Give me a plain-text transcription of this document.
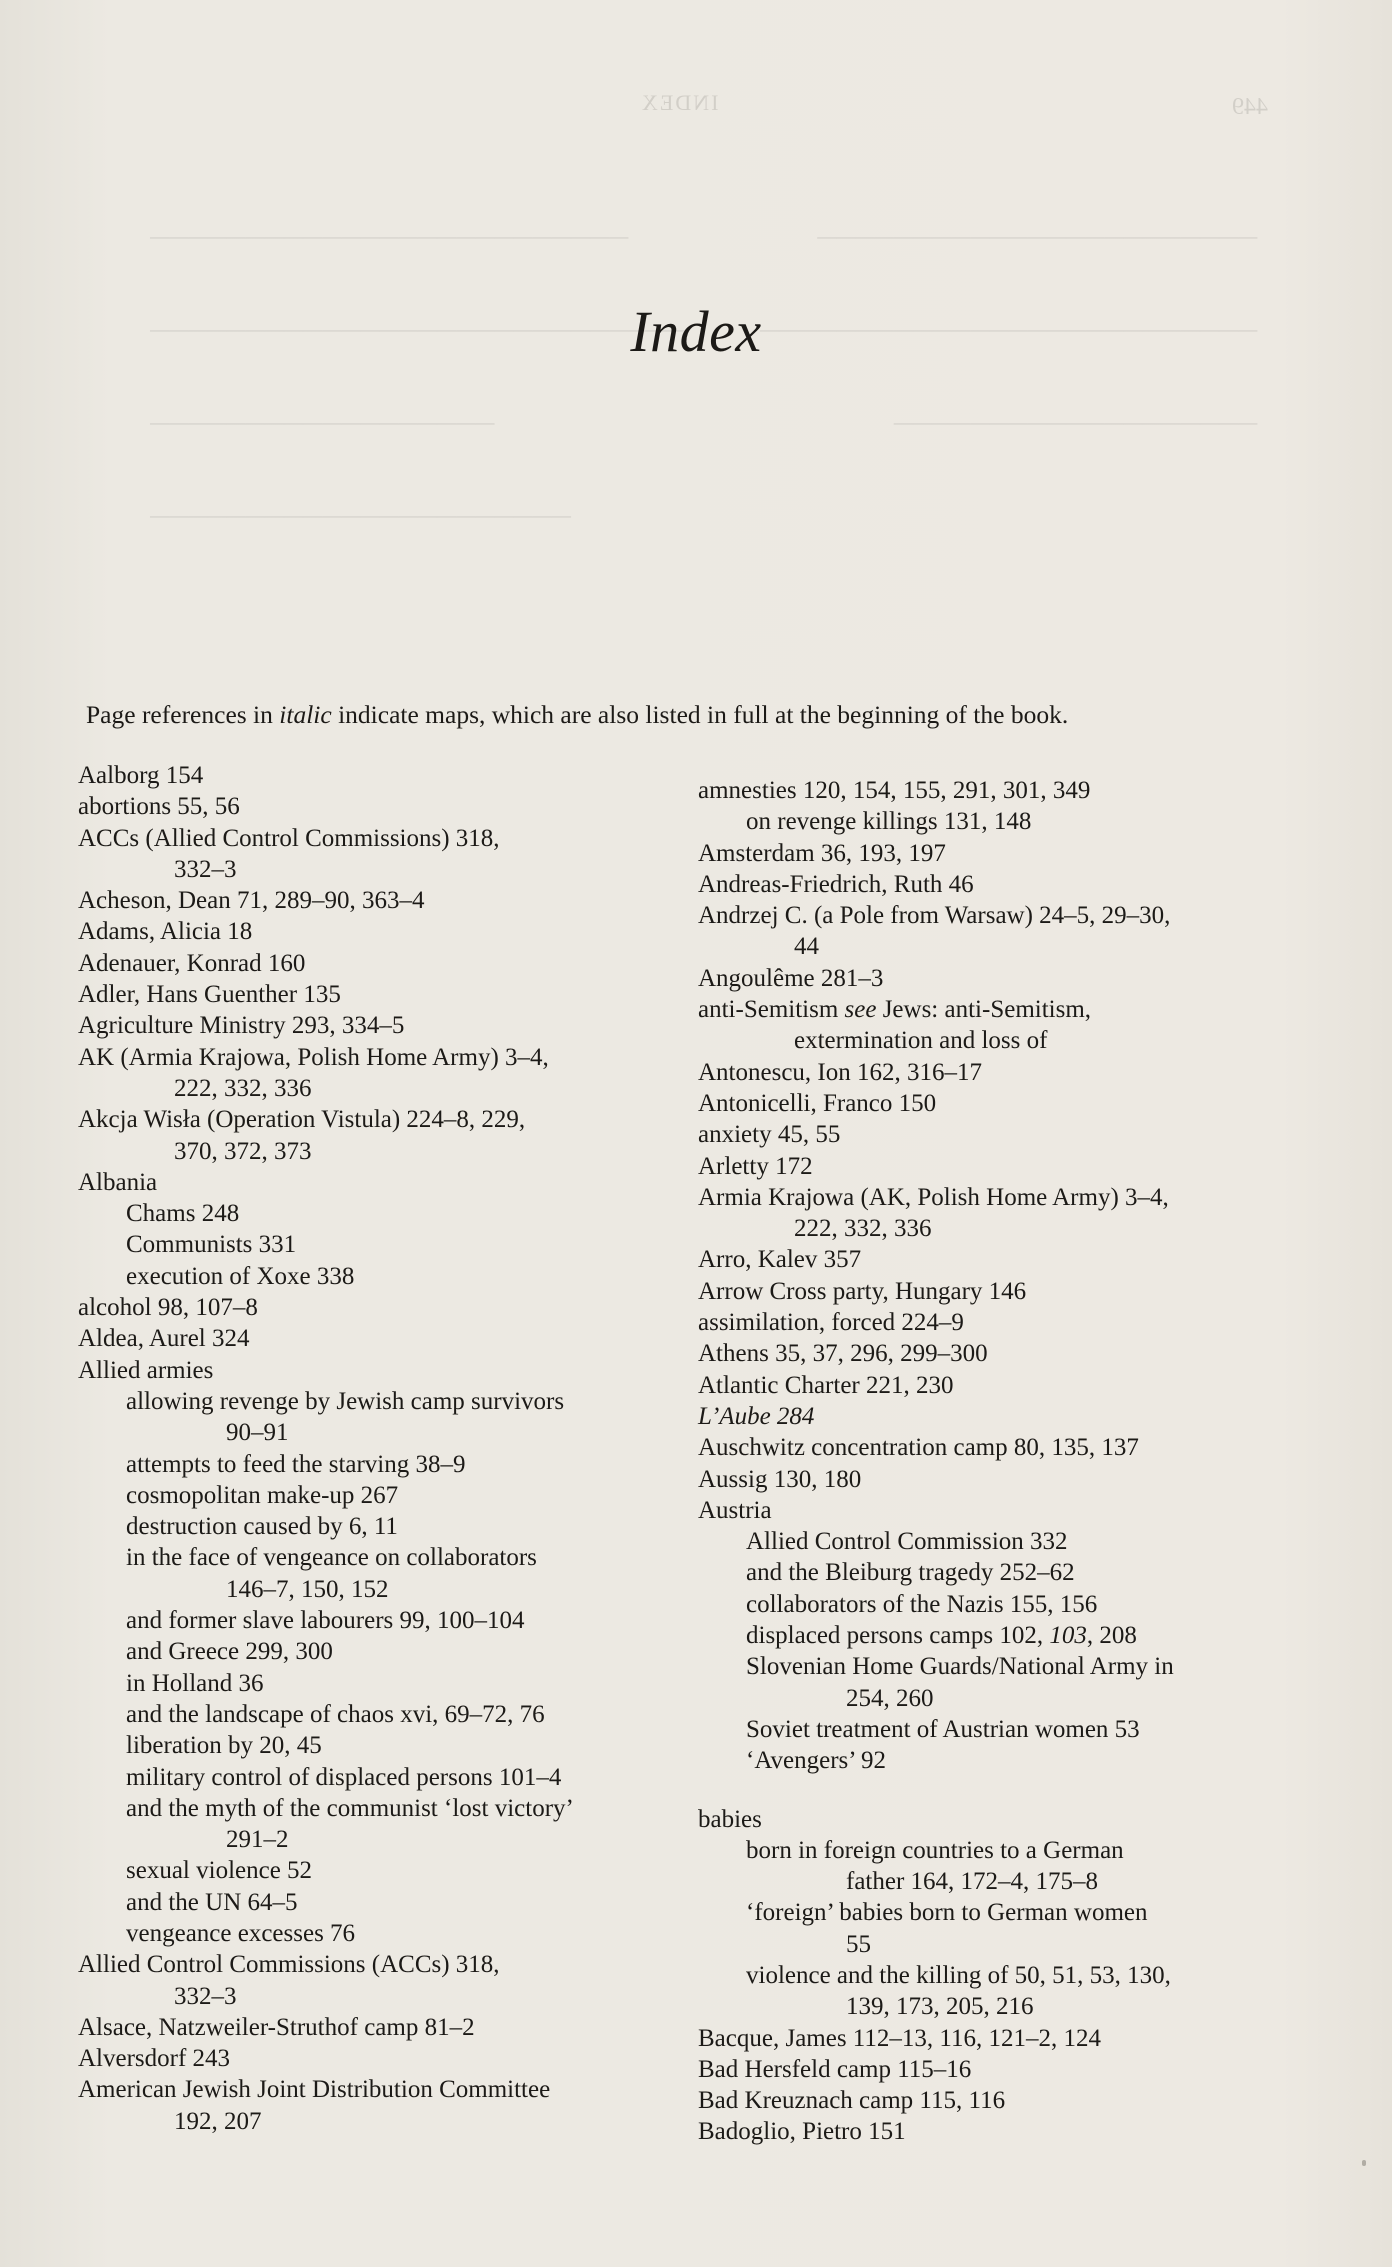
─────────────────────────

────────────────────────────

──────────────────

──────────────────────

───────────────────────

──────────────────────────

───────────────────

INDEX	449
Index
Page references in italic indicate maps, which are also listed in full at the beginning of the book.
Aalborg 154
abortions 55, 56
ACCs (Allied Control Commissions) 318,
332–3
Acheson, Dean 71, 289–90, 363–4
Adams, Alicia 18
Adenauer, Konrad 160
Adler, Hans Guenther 135
Agriculture Ministry 293, 334–5
AK (Armia Krajowa, Polish Home Army) 3–4,
222, 332, 336
Akcja Wisła (Operation Vistula) 224–8, 229,
370, 372, 373
Albania
Chams 248
Communists 331
execution of Xoxe 338
alcohol 98, 107–8
Aldea, Aurel 324
Allied armies
allowing revenge by Jewish camp survivors
90–91
attempts to feed the starving 38–9
cosmopolitan make-up 267
destruction caused by 6, 11
in the face of vengeance on collaborators
146–7, 150, 152
and former slave labourers 99, 100–104
and Greece 299, 300
in Holland 36
and the landscape of chaos xvi, 69–72, 76
liberation by 20, 45
military control of displaced persons 101–4
and the myth of the communist ‘lost victory’
291–2
sexual violence 52
and the UN 64–5
vengeance excesses 76
Allied Control Commissions (ACCs) 318,
332–3
Alsace, Natzweiler-Struthof camp 81–2
Alversdorf 243
American Jewish Joint Distribution Committee
192, 207
amnesties 120, 154, 155, 291, 301, 349
on revenge killings 131, 148
Amsterdam 36, 193, 197
Andreas-Friedrich, Ruth 46
Andrzej C. (a Pole from Warsaw) 24–5, 29–30,
44
Angoulême 281–3
anti-Semitism see Jews: anti-Semitism,
extermination and loss of
Antonescu, Ion 162, 316–17
Antonicelli, Franco 150
anxiety 45, 55
Arletty 172
Armia Krajowa (AK, Polish Home Army) 3–4,
222, 332, 336
Arro, Kalev 357
Arrow Cross party, Hungary 146
assimilation, forced 224–9
Athens 35, 37, 296, 299–300
Atlantic Charter 221, 230
L’Aube 284
Auschwitz concentration camp 80, 135, 137
Aussig 130, 180
Austria
Allied Control Commission 332
and the Bleiburg tragedy 252–62
collaborators of the Nazis 155, 156
displaced persons camps 102, 103, 208
Slovenian Home Guards/National Army in
254, 260
Soviet treatment of Austrian women 53
‘Avengers’ 92
babies
born in foreign countries to a German
father 164, 172–4, 175–8
‘foreign’ babies born to German women
55
violence and the killing of 50, 51, 53, 130,
139, 173, 205, 216
Bacque, James 112–13, 116, 121–2, 124
Bad Hersfeld camp 115–16
Bad Kreuznach camp 115, 116
Badoglio, Pietro 151
